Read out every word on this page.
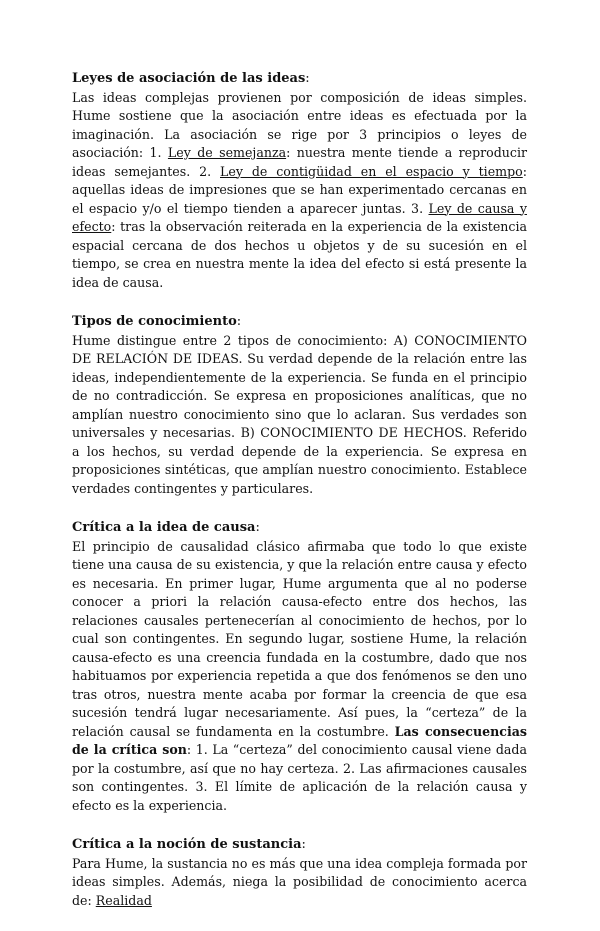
Leyes de asociación de las ideas:

Las ideas complejas provienen por composición de ideas simples. Hume sostiene que la asociación entre ideas es efectuada por la imaginación. La asociación se rige por 3 principios o leyes de asociación: 1. Ley de semejanza: nuestra mente tiende a reproducir ideas semejantes. 2. Ley de contigüidad en el espacio y tiempo: aquellas ideas de impresiones que se han experimentado cercanas en el espacio y/o el tiempo tienden a aparecer juntas. 3. Ley de causa y efecto: tras la observación reiterada en la experiencia de la existencia espacial cercana de dos hechos u objetos y de su sucesión en el tiempo, se crea en nuestra mente la idea del efecto si está presente la idea de causa.

Tipos de conocimiento:

Hume distingue entre 2 tipos de conocimiento: A) CONOCIMIENTO DE RELACIÓN DE IDEAS. Su verdad depende de la relación entre las ideas, independientemente de la experiencia. Se funda en el principio de no contradicción. Se expresa en proposiciones analíticas, que no amplían nuestro conocimiento sino que lo aclaran. Sus verdades son universales y necesarias. B) CONOCIMIENTO DE HECHOS. Referido a los hechos, su verdad depende de la experiencia. Se expresa en proposiciones sintéticas, que amplían nuestro conocimiento. Establece verdades contingentes y particulares.

Crítica a la idea de causa:

El principio de causalidad clásico afirmaba que todo lo que existe tiene una causa de su existencia, y que la relación entre causa y efecto es necesaria. En primer lugar, Hume argumenta que al no poderse conocer a priori la relación causa-efecto entre dos hechos, las relaciones causales pertenecerían al conocimiento de hechos, por lo cual son contingentes. En segundo lugar, sostiene Hume, la relación causa-efecto es una creencia fundada en la costumbre, dado que nos habituamos por experiencia repetida a que dos fenómenos se den uno tras otros, nuestra mente acaba por formar la creencia de que esa sucesión tendrá lugar necesariamente. Así pues, la “certeza” de la relación causal se fundamenta en la costumbre. Las consecuencias de la crítica son: 1. La “certeza” del conocimiento causal viene dada por la costumbre, así que no hay certeza. 2. Las afirmaciones causales son contingentes. 3. El límite de aplicación de la relación causa y efecto es la experiencia.

Crítica a la noción de sustancia:

Para Hume, la sustancia no es más que una idea compleja formada por ideas simples. Además, niega la posibilidad de conocimiento acerca de: Realidad
